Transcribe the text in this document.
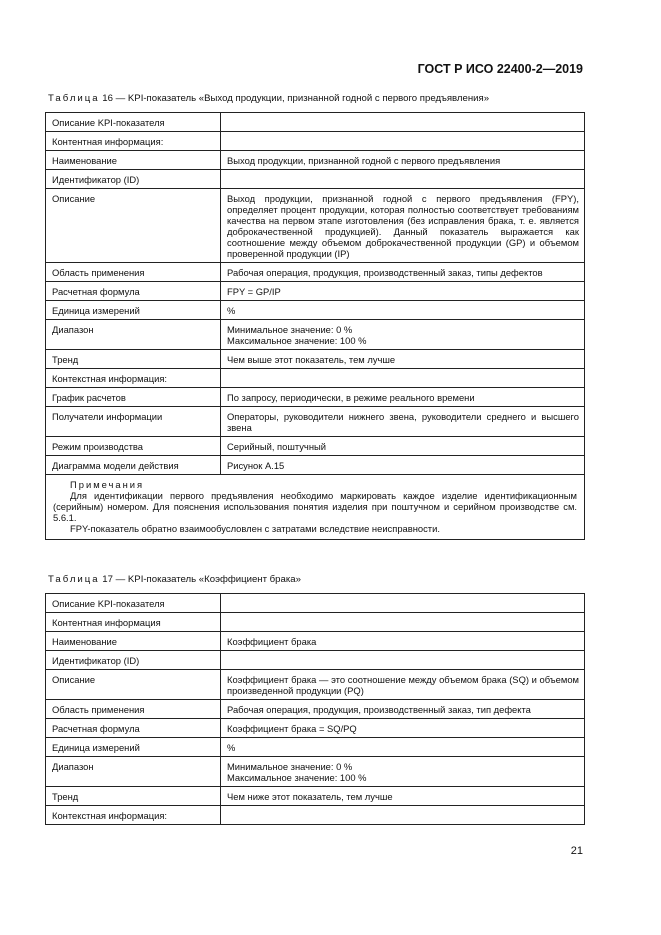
ГОСТ Р ИСО 22400-2—2019
Таблица 16 — KPI-показатель «Выход продукции, признанной годной с первого предъявления»
Описание KPI-показателя	
Контентная информация:	
Наименование	Выход продукции, признанной годной с первого предъявления
Идентификатор (ID)	
Описание	Выход продукции, признанной годной с первого предъявления (FPY), определяет процент продукции, которая полностью соответствует требованиям качества на первом этапе изготовления (без исправления брака, т. е. является доброкачественной продукцией). Данный показатель выражается как соотношение между объемом доброкачественной продукции (GP) и объемом проверенной продукции (IP)
Область применения	Рабочая операция, продукция, производственный заказ, типы дефектов
Расчетная формула	FPY = GP/IP
Единица измерений	%
Диапазон	Минимальное значение: 0 %
Максимальное значение: 100 %

Тренд	Чем выше этот показатель, тем лучше
Контекстная информация:	
График расчетов	По запросу, периодически, в режиме реального времени
Получатели информации	Операторы, руководители нижнего звена, руководители среднего и высшего звена
Режим производства	Серийный, поштучный
Диаграмма модели действия	Рисунок А.15

Примечания

Для идентификации первого предъявления необходимо маркировать каждое изделие идентификационным (серийным) номером. Для пояснения использования понятия изделия при поштучном и серийном производстве см. 5.6.1.

FPY-показатель обратно взаимообусловлен с затратами вследствие неисправности.	

Таблица 17 — KPI-показатель «Коэффициент брака»
Описание KPI-показателя	
Контентная информация	
Наименование	Коэффициент брака
Идентификатор (ID)	
Описание	Коэффициент брака — это соотношение между объемом брака (SQ) и объемом произведенной продукции (PQ)
Область применения	Рабочая операция, продукция, производственный заказ, тип дефекта
Расчетная формула	Коэффициент брака = SQ/PQ
Единица измерений	%
Диапазон	Минимальное значение: 0 %
Максимальное значение: 100 %

Тренд	Чем ниже этот показатель, тем лучше
Контекстная информация:	
21
